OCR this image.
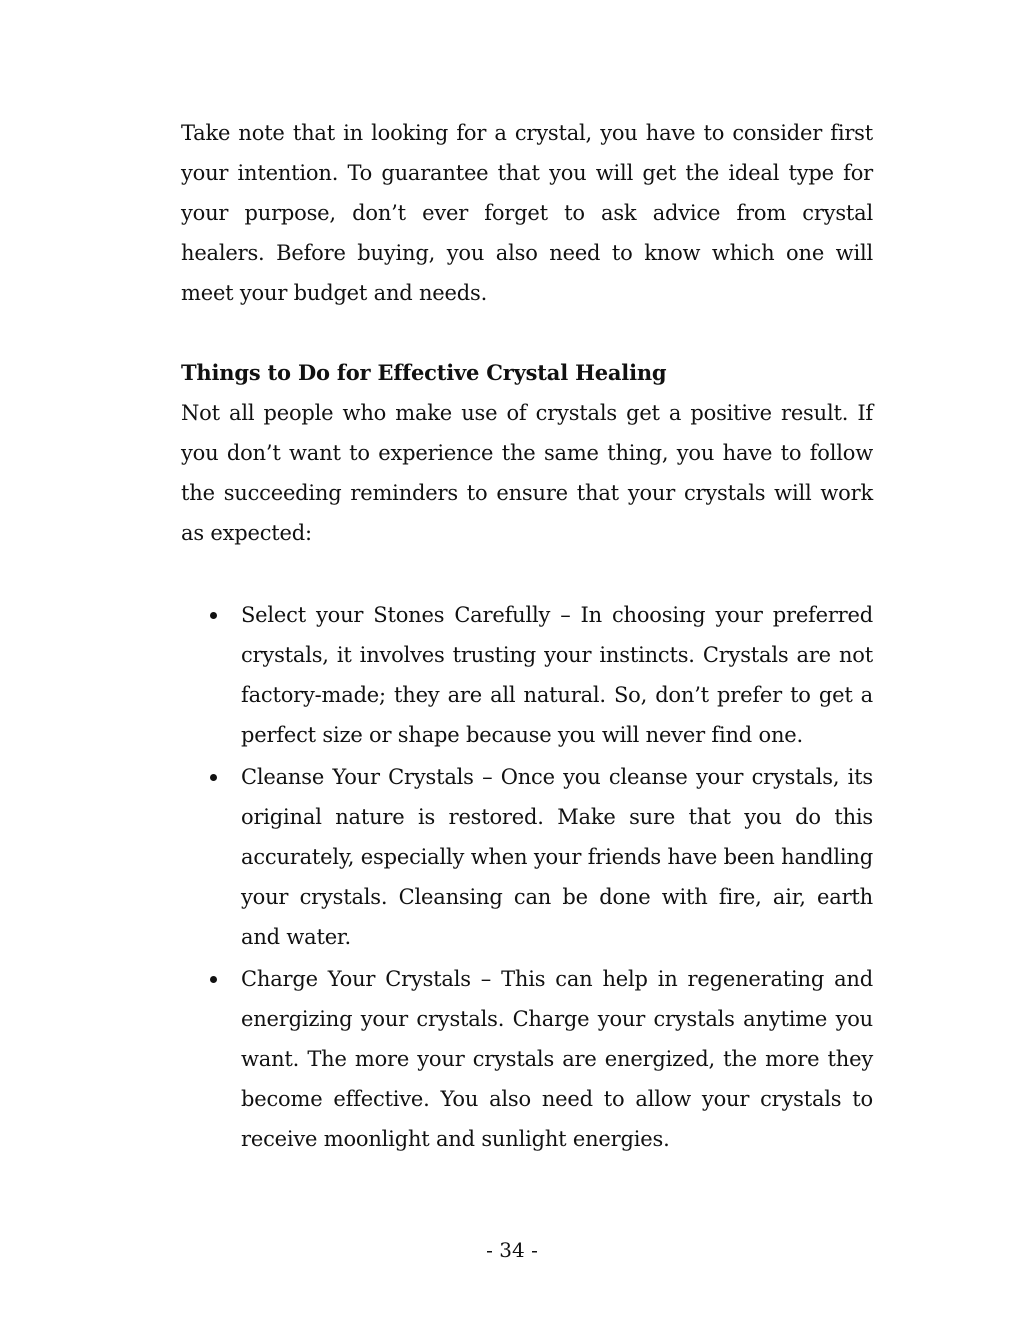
Take note that in looking for a crystal, you have to consider first your intention. To guarantee that you will get the ideal type for your purpose, don’t ever forget to ask advice from crystal healers. Before buying, you also need to know which one will meet your budget and needs.

Things to Do for Effective Crystal Healing

Not all people who make use of crystals get a positive result. If you don’t want to experience the same thing, you have to follow the succeeding reminders to ensure that your crystals will work as expected:

Select your Stones Carefully – In choosing your preferred crystals, it involves trusting your instincts. Crystals are not factory-made; they are all natural. So, don’t prefer to get a perfect size or shape because you will never find one.
Cleanse Your Crystals – Once you cleanse your crystals, its original nature is restored. Make sure that you do this accurately, especially when your friends have been handling your crystals. Cleansing can be done with fire, air, earth and water.
Charge Your Crystals – This can help in regenerating and energizing your crystals. Charge your crystals anytime you want. The more your crystals are energized, the more they become effective. You also need to allow your crystals to receive moonlight and sunlight energies.
- 34 -
